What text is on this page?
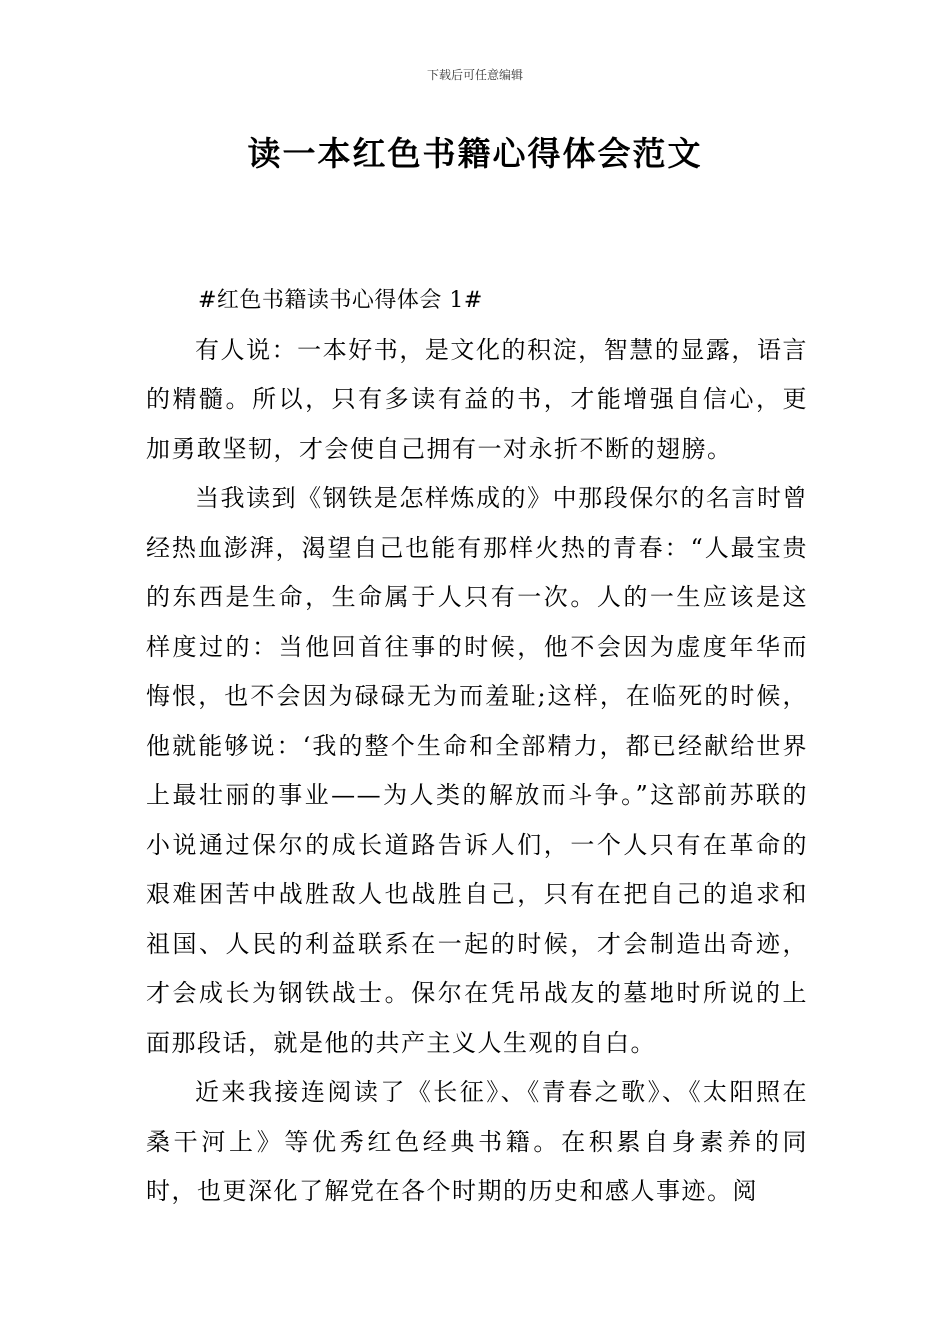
下载后可任意编辑
读一本红色书籍心得体会范文

#红色书籍读书心得体会 1#

有人说：一本好书，是文化的积淀，智慧的显露，语言的精髓。所以，只有多读有益的书，才能增强自信心，更加勇敢坚韧，才会使自己拥有一对永折不断的翅膀。

当我读到《钢铁是怎样炼成的》中那段保尔的名言时曾经热血澎湃，渴望自己也能有那样火热的青春：“人最宝贵的东西是生命，生命属于人只有一次。人的一生应该是这样度过的：当他回首往事的时候，他不会因为虚度年华而悔恨，也不会因为碌碌无为而羞耻;这样，在临死的时候，他就能够说：‘我的整个生命和全部精力，都已经献给世界上最壮丽的事业——为人类的解放而斗争。”这部前苏联的小说通过保尔的成长道路告诉人们，一个人只有在革命的艰难困苦中战胜敌人也战胜自己，只有在把自己的追求和祖国、人民的利益联系在一起的时候，才会制造出奇迹，才会成长为钢铁战士。保尔在凭吊战友的墓地时所说的上面那段话，就是他的共产主义人生观的自白。

近来我接连阅读了《长征》、《青春之歌》、《太阳照在桑干河上》等优秀红色经典书籍。在积累自身素养的同时，也更深化了解党在各个时期的历史和感人事迹。阅
